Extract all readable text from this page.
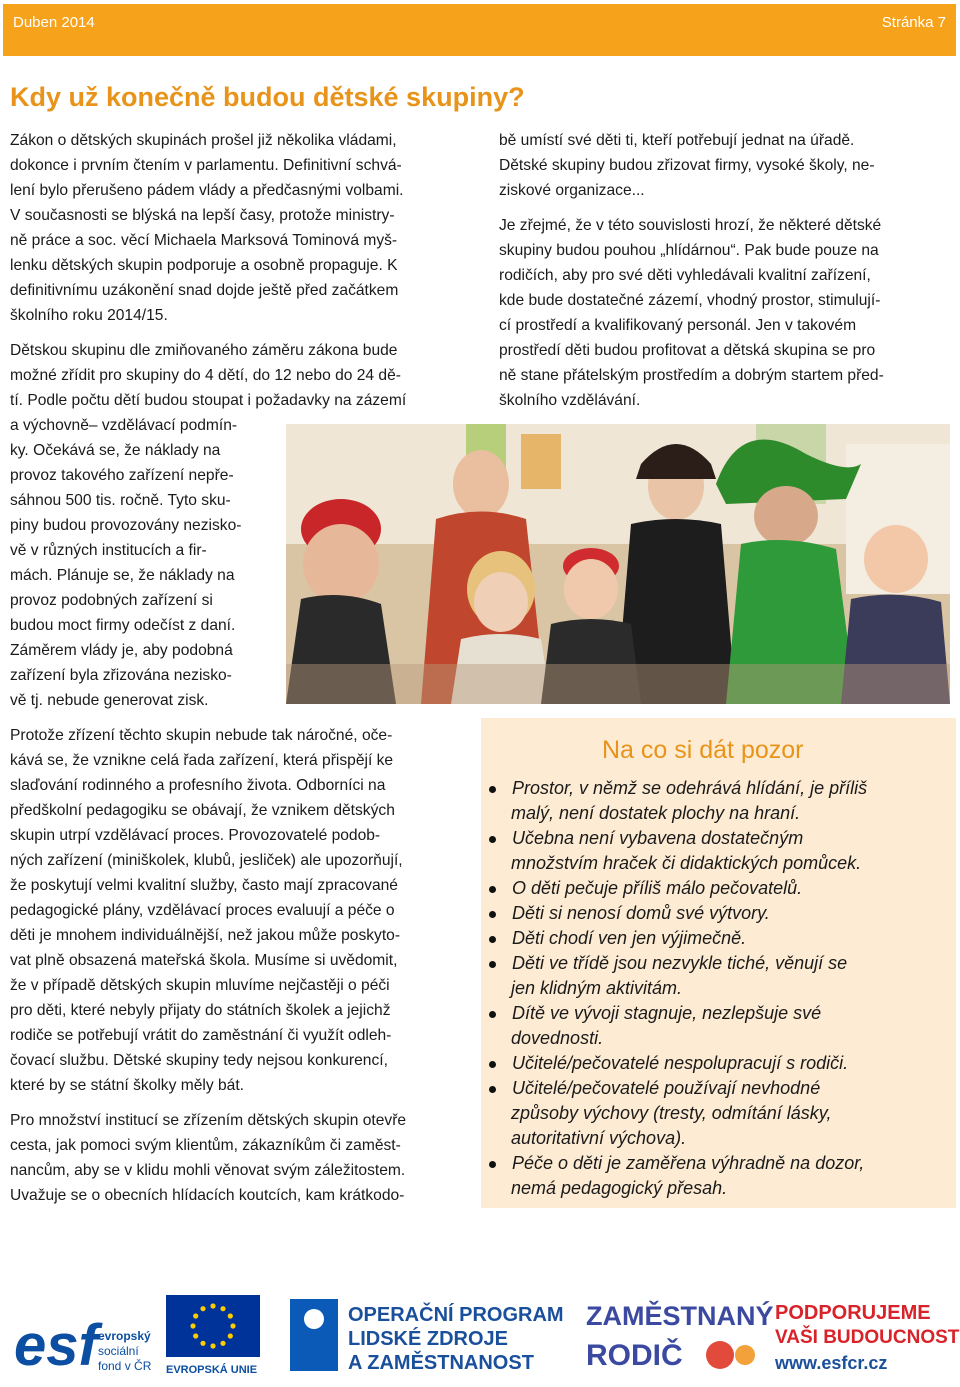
Duben 2014	Stránka 7
Kdy už konečně budou dětské skupiny?
Zákon o dětských skupinách prošel již několika vládami,
dokonce i prvním čtením v parlamentu. Definitivní schvá-
lení bylo přerušeno pádem vlády a předčasnými volbami.
V současnosti se blýská na lepší časy, protože ministry-
ně práce a soc. věcí Michaela Marksová Tominová myš-
lenku dětských skupin podporuje a osobně propaguje. K
definitivnímu uzákonění snad dojde ještě před začátkem
školního roku 2014/15.
Dětskou skupinu dle zmiňovaného záměru zákona bude
možné zřídit pro skupiny do 4 dětí, do 12 nebo do 24 dě-
tí. Podle počtu dětí budou stoupat i požadavky na zázemí
a výchovně– vzdělávací podmín-
ky. Očekává se, že náklady na
provoz takového zařízení nepře-
sáhnou 500 tis. ročně. Tyto sku-
piny budou provozovány nezisko-
vě v různých institucích a fir-
mách. Plánuje se, že náklady na
provoz podobných zařízení si
budou moct firmy odečíst z daní.
Záměrem vlády je, aby podobná
zařízení byla zřizována nezisko-
vě tj. nebude generovat zisk.
Protože zřízení těchto skupin nebude tak náročné, oče-
kává se, že vznikne celá řada zařízení, která přispějí ke
slaďování rodinného a profesního života. Odborníci na
předškolní pedagogiku se obávají, že vznikem dětských
skupin utrpí vzdělávací proces. Provozovatelé podob-
ných zařízení (miniškolek, klubů, jesliček) ale upozorňují,
že poskytují velmi kvalitní služby, často mají zpracované
pedagogické plány, vzdělávací proces evaluují a péče o
děti je mnohem individuálnější, než jakou může poskyto-
vat plně obsazená mateřská škola. Musíme si uvědomit,
že v případě dětských skupin mluvíme nejčastěji o péči
pro děti, které nebyly přijaty do státních školek a jejichž
rodiče se potřebují vrátit do zaměstnání či využít odleh-
čovací službu. Dětské skupiny tedy nejsou konkurencí,
které by se státní školky měly bát.
Pro množství institucí se zřízením dětských skupin otevře
cesta, jak pomoci svým klientům, zákazníkům či zaměst-
nancům, aby se v klidu mohli věnovat svým záležitostem.
Uvažuje se o obecních hlídacích koutcích, kam krátkodo-
bě umístí své děti ti, kteří potřebují jednat na úřadě.
Dětské skupiny budou zřizovat firmy, vysoké školy, ne-
ziskové organizace...
Je zřejmé, že v této souvislosti hrozí, že některé dětské
skupiny budou pouhou „hlídárnou“. Pak bude pouze na
rodičích, aby pro své děti vyhledávali kvalitní zařízení,
kde bude dostatečné zázemí, vhodný prostor, stimulují-
cí prostředí a kvalifikovaný personál. Jen v takovém
prostředí děti budou profitovat a dětská skupina se pro
ně stane přátelským prostředím a dobrým startem před-
školního vzdělávání.
Na co si dát pozor
Prostor, v němž se odehrává hlídání, je příliš
malý, není dostatek plochy na hraní.
Učebna není vybavena dostatečným
množstvím hraček či didaktických pomůcek.
O děti pečuje příliš málo pečovatelů.
Děti si nenosí domů své výtvory.
Děti chodí ven jen výjimečně.
Děti ve třídě jsou nezvykle tiché, věnují se
jen klidným aktivitám.
Dítě ve vývoji stagnuje, nezlepšuje své
dovednosti.
Učitelé/pečovatelé nespolupracují s rodiči.
Učitelé/pečovatelé používají nevhodné
způsoby výchovy (tresty, odmítání lásky,
autoritativní výchova).
Péče o děti je zaměřena výhradně na dozor,
nemá pedagogický přesah.
esf evropský
sociální
fond v ČR EVROPSKÁ UNIE
OPERAČNÍ PROGRAM
LIDSKÉ ZDROJE
A ZAMĚSTNANOST
ZAMĚSTNANÝ
RODIČ
PODPORUJEME
VAŠI BUDOUCNOST
www.esfcr.cz
